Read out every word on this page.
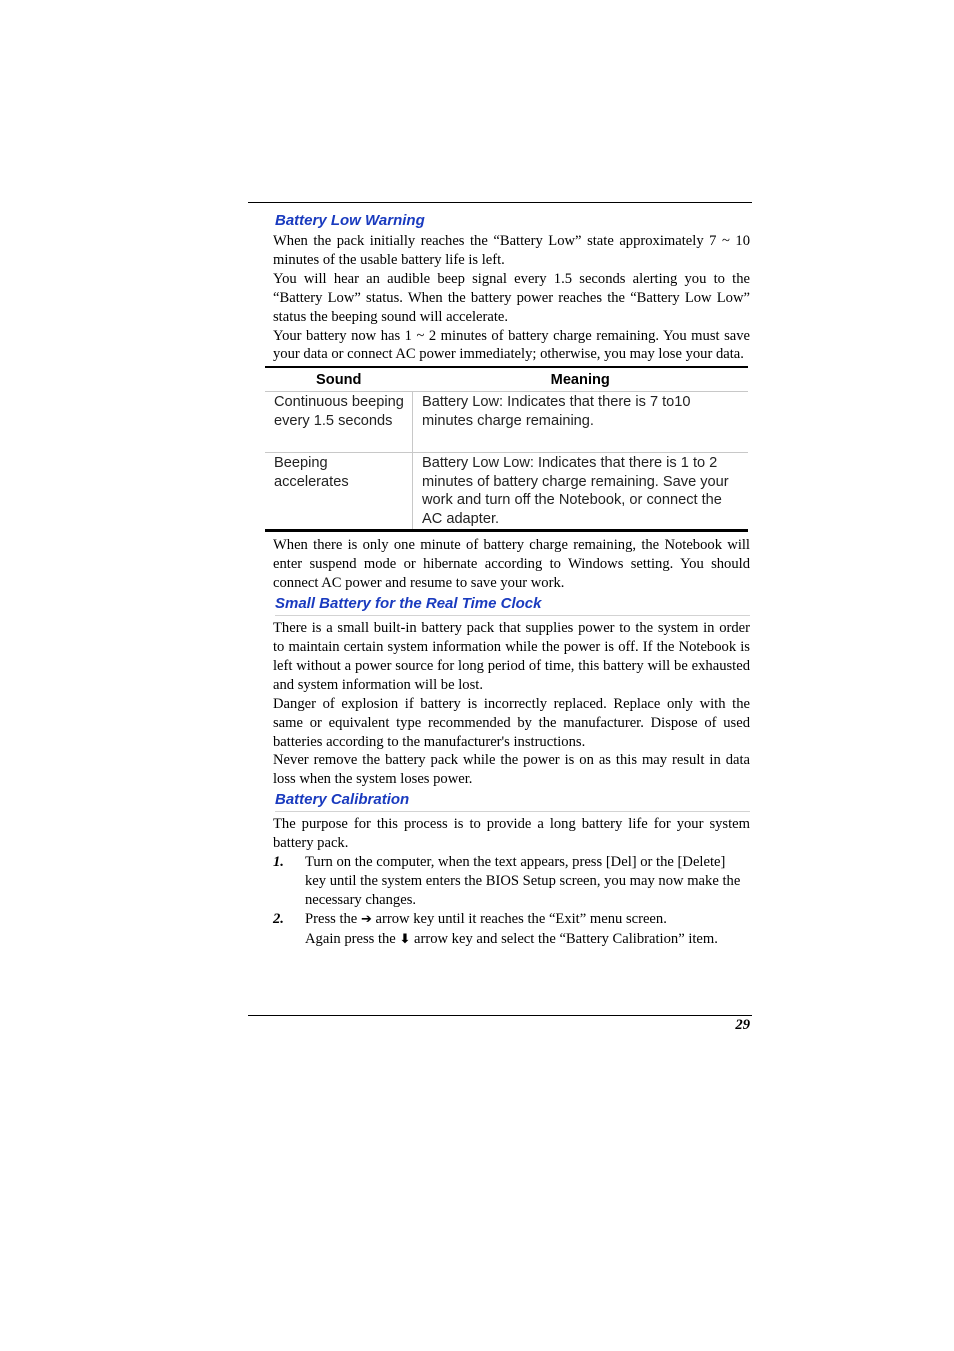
Battery Low Warning

When the pack initially reaches the “Battery Low” state approximately 7 ~ 10 minutes of the usable battery life is left.

You will hear an audible beep signal every 1.5 seconds alerting you to the “Battery Low” status. When the battery power reaches the “Battery Low Low” status the beeping sound will accelerate.

Your battery now has 1 ~ 2 minutes of battery charge remaining. You must save your data or connect AC power immediately; otherwise, you may lose your data.

Sound	Meaning
Continuous beeping every 1.5 seconds	Battery Low: Indicates that there is 7 to10 minutes charge remaining.
Beeping accelerates	Battery Low Low: Indicates that there is 1 to 2 minutes of battery charge remaining. Save your work and turn off the Notebook, or connect the AC adapter.

When there is only one minute of battery charge remaining, the Notebook will enter suspend mode or hibernate according to Windows setting. You should connect AC power and resume to save your work.

Small Battery for the Real Time Clock

There is a small built-in battery pack that supplies power to the system in order to maintain certain system information while the power is off. If the Notebook is left without a power source for long period of time, this battery will be exhausted and system information will be lost.

Danger of explosion if battery is incorrectly replaced. Replace only with the same or equivalent type recommended by the manufacturer. Dispose of used batteries according to the manufacturer's instructions.

Never remove the battery pack while the power is on as this may result in data loss when the system loses power.

Battery Calibration

The purpose for this process is to provide a long battery life for your system battery pack.

1.	Turn on the computer, when the text appears, press [Del] or the [Delete] key until the system enters the BIOS Setup screen, you may now make the necessary changes.
2.	Press the ➔ arrow key until it reaches the “Exit” menu screen.
Again press the ⬇ arrow key and select the “Battery Calibration” item.
29
